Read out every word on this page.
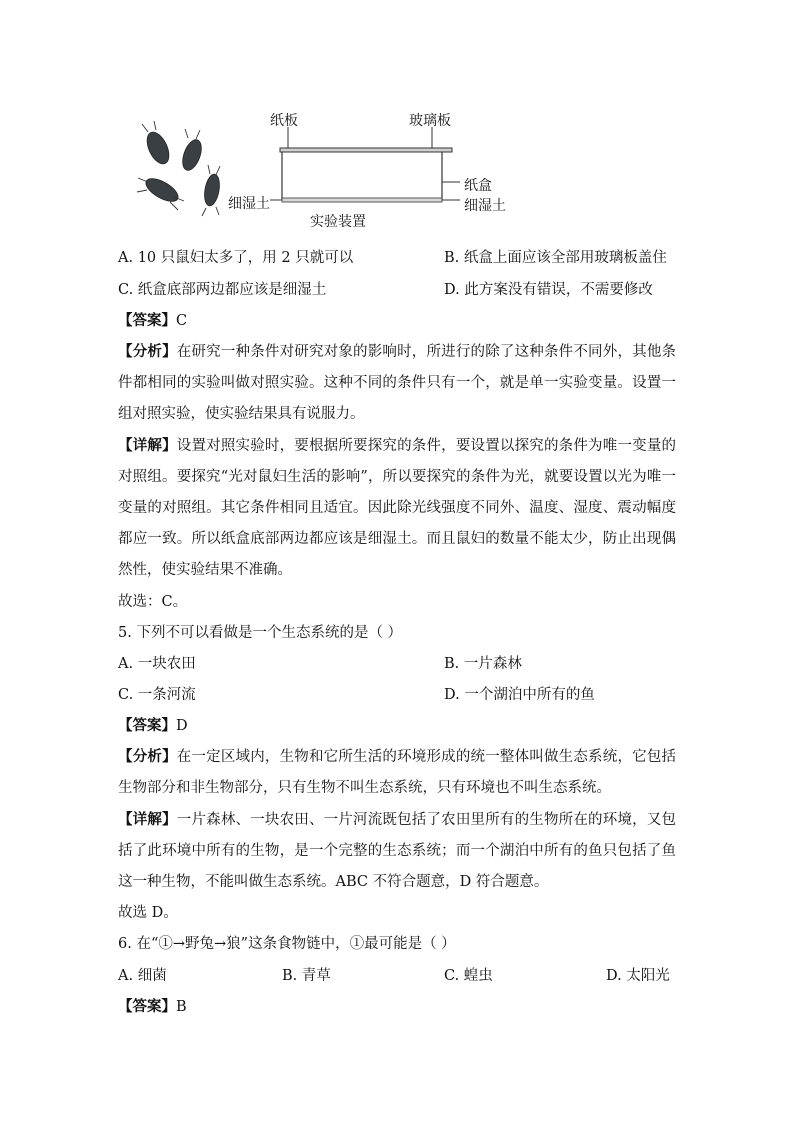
纸板	玻璃板
纸盒
细湿土	细湿土
实验装置
A. 10 只鼠妇太多了，用 2 只就可以	B. 纸盒上面应该全部用玻璃板盖住
C. 纸盒底部两边都应该是细湿土	D. 此方案没有错误，不需要修改
【答案】C
【分析】在研究一种条件对研究对象的影响时，所进行的除了这种条件不同外，其他条件都相同的实验叫做对照实验。这种不同的条件只有一个，就是单一实验变量。设置一组对照实验，使实验结果具有说服力。
【详解】设置对照实验时，要根据所要探究的条件，要设置以探究的条件为唯一变量的对照组。要探究“光对鼠妇生活的影响”，所以要探究的条件为光，就要设置以光为唯一变量的对照组。其它条件相同且适宜。因此除光线强度不同外、温度、湿度、震动幅度都应一致。所以纸盒底部两边都应该是细湿土。而且鼠妇的数量不能太少，防止出现偶然性，使实验结果不准确。
故选：C。
5. 下列不可以看做是一个生态系统的是（ ）
A. 一块农田	B. 一片森林
C. 一条河流	D. 一个湖泊中所有的鱼
【答案】D
【分析】在一定区域内，生物和它所生活的环境形成的统一整体叫做生态系统，它包括生物部分和非生物部分，只有生物不叫生态系统，只有环境也不叫生态系统。
【详解】一片森林、一块农田、一片河流既包括了农田里所有的生物所在的环境，又包括了此环境中所有的生物，是一个完整的生态系统；而一个湖泊中所有的鱼只包括了鱼这一种生物，不能叫做生态系统。ABC 不符合题意，D 符合题意。
故选 D。
6. 在“①→野兔→狼”这条食物链中，①最可能是（ ）
A. 细菌	B. 青草	C. 蝗虫	D. 太阳光
【答案】B
